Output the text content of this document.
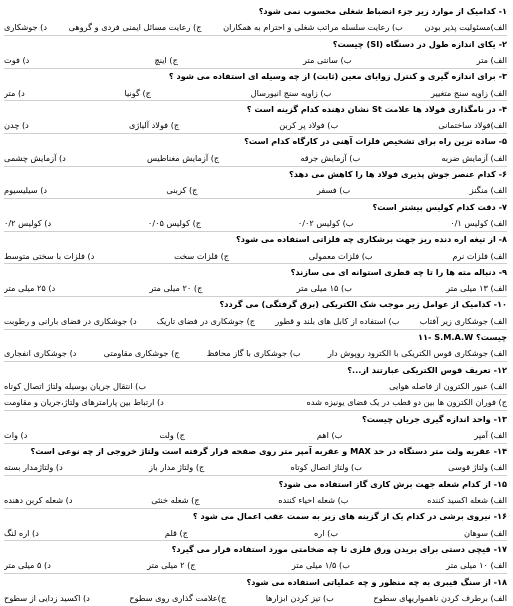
۱- کدامیک از موارد زیر جزء انضباط شغلی محسوب نمی شود؟
الف)مسئولیت پذیر بودن
ب) رعایت سلسله مراتب شغلی و احترام به همکاران
ج) رعایت مسائل ایمنی فردی و گروهی
د) جوشکاری
۲- یکای اندازه طول در دستگاه (SI) چیست؟
الف) متر
ب) سانتی متر
ج) اینچ
د) فوت
۳- برای اندازه گیری و کنترل زوایای معین (ثابت) از چه وسیله ای استفاده می شود ؟
الف) زاویه سنج متغییر
ب) زاویه سنج انیورسال
ج) گونیا
د) متر
۴- در نامگذاری فولاد ها علامت St نشان دهنده کدام گزینه است ؟
الف)فولاد ساختمانی
ب) فولاد پر کربن
ج) فولاد آلیاژی
د) چدن
۵- ساده ترین راه برای تشخیص فلزات آهنی در کارگاه کدام است؟
الف) آزمایش ضربه
ب) آزمایش جرقه
ج) آزمایش مغناطیس
د) آزمایش چشمی
۶- کدام عنصر جوش پذیری فولاد ها را کاهش می دهد؟
الف) منگنز
ب) فسفر
ج) کربنی
د) سیلیسیوم
۷- دقت کدام کولیس بیشتر است؟
الف) کولیس ۰/۱
ب) کولیس ۰/۰۲
ج) کولیس ۰/۰۵
د) کولیس ۰/۲
۸- از تیغه اره دنده ریز جهت برشکاری چه فلزاتی استفاده می شود؟
الف) فلزات نرم
ب) فلزات معمولی
ج) فلزات سخت
د) فلزات با سختی متوسط
۹- دنباله مته ها را تا چه قطری استوانه ای می سازند؟
الف) ۱۳ میلی متر
ب) ۱۵ میلی متر
ج) ۲۰ میلی متر
د) ۲۵ میلی متر
۱۰- کدامیک از عوامل زیر موجب شک الکتریکی (برق گرفتگی) می گردد؟
الف) جوشکاری زیر آفتاب
ب) استفاده از کابل های بلند و قطور
ج) جوشکاری در فضای تاریک
د) جوشکاری در فضای بارانی و رطوبت
۱۱- S.M.A.W چیست؟
الف) جوشکاری قوس الکتریکی با الکترود روپوش دار
ب) جوشکاری با گاز محافظ
ج) جوشکاری مقاومتی
د) جوشکاری انفجاری
۱۲- تعریف قوس الکتریکی عبارتند از...؟
الف) عبور الکترون از فاصله هوایی
ب) انتقال جریان بوسیله ولتاژ اتصال کوتاه
ج) فوران الکترون ها بین دو قطب در یک فضای یونیزه شده
د) ارتباط بین پارامترهای ولتاژ،جریان و مقاومت
۱۳- واحد اندازه گیری جریان چیست؟
الف) آمپر
ب) اهم
ج) ولت
د) وات
۱۴- عقربه ولت متر دستگاه در حد MAX و عقربه آمپر متر روی صفحه قرار گرفته است ولتاژ خروجی از چه نوعی است؟
الف) ولتاژ قوسی
ب) ولتاژ اتصال کوتاه
ج) ولتاژ مدار باز
د) ولتاژمدار بسته
۱۵- از کدام شعله جهت برش کاری گاز استفاده می شود؟
الف) شعله اکسید کننده
ب) شعله احیاء کننده
ج) شعله خنثی
د) شعله کربن دهنده
۱۶- نیروی برشی در کدام یک از گزینه های زیر به سمت عقب اعمال می شود ؟
الف) سوهان
ب) اره
ج) قلم
د) اره لنگ
۱۷- قیچی دستی برای بریدن ورق فلزی تا چه ضخامتی مورد استفاده قرار می گیرد؟
الف) ۱۰ میلی متر
ب) ۱/۵ میلی متر
ج) ۲ میلی متر
د) ۵ میلی متر
۱۸- از سنگ فیبری به چه منظور و چه عملیاتی استفاده می شود؟
الف) برطرف کردن ناهمواریهای سطوح
ب) تیز کردن ابزارها
ج)علامت گذاری روی سطوح
د) اکسید زدایی از سطوح
